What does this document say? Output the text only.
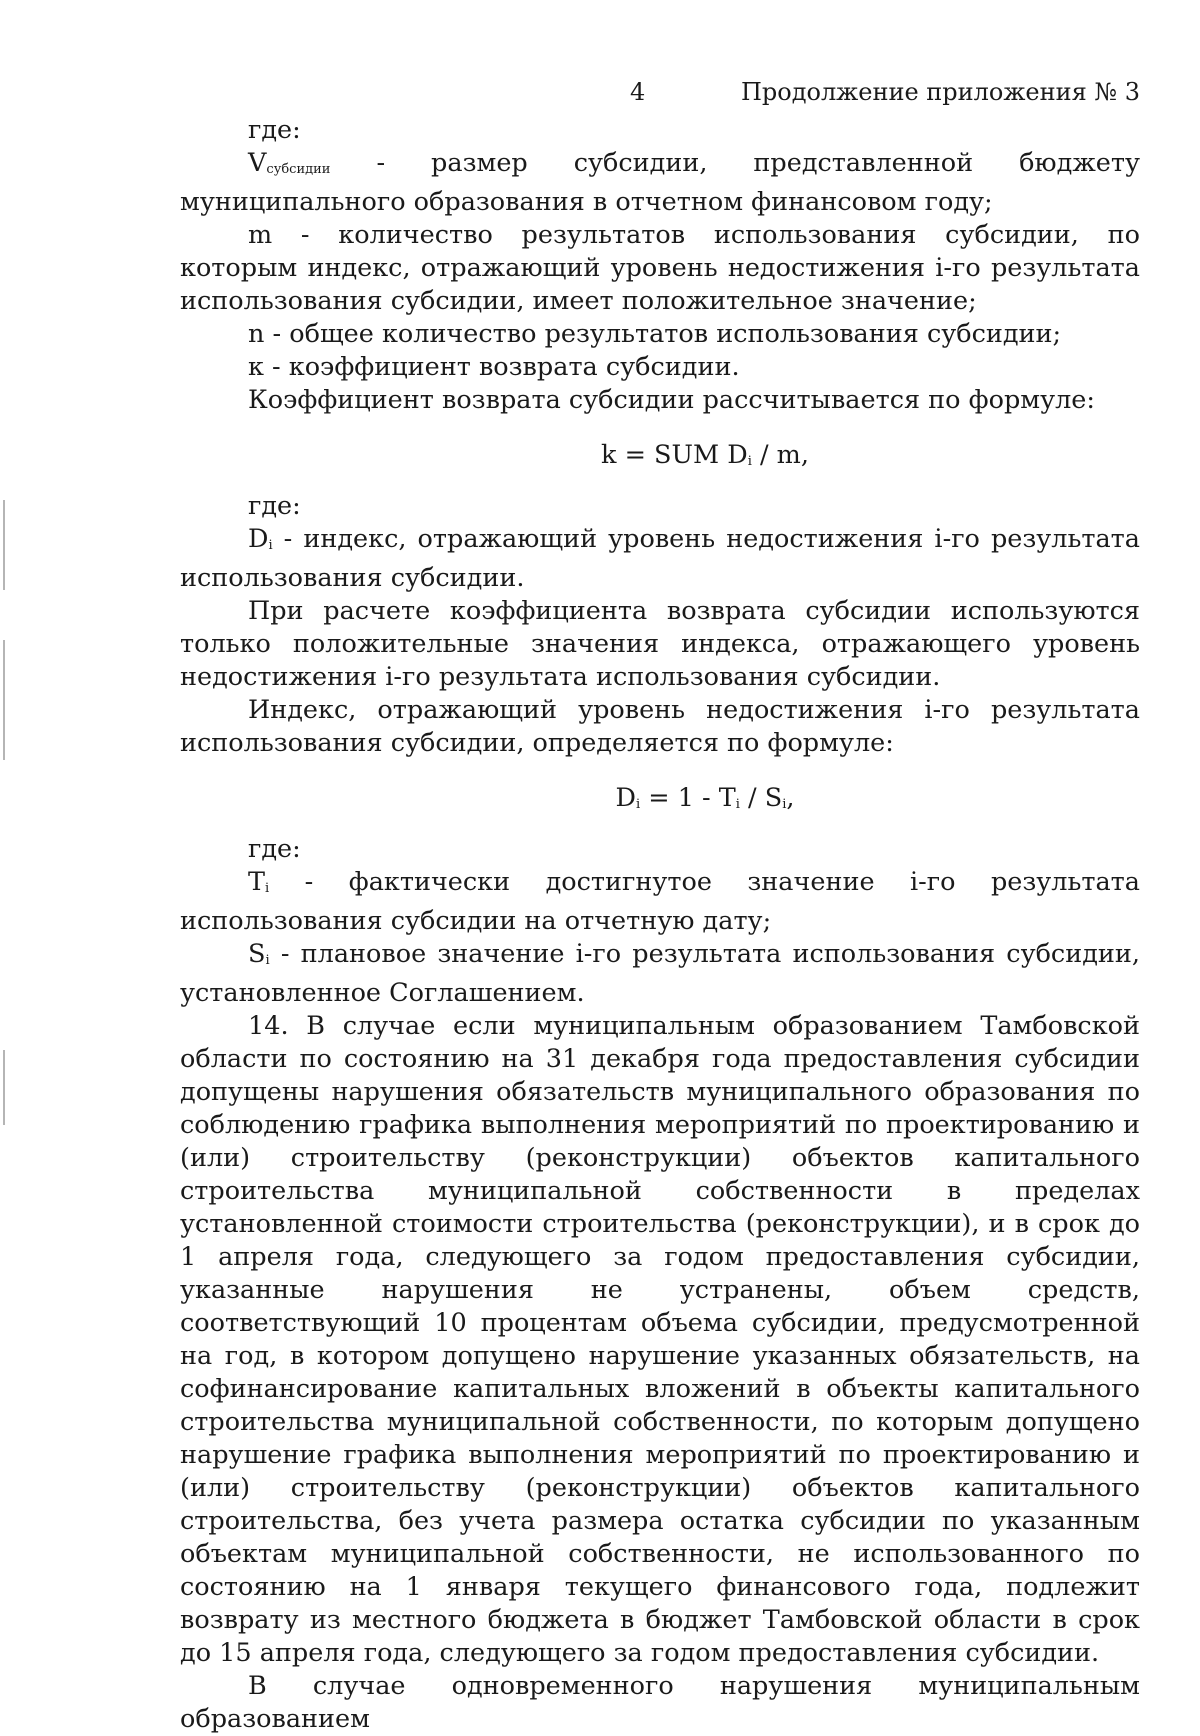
4	Продолжение приложения № 3

где:

Vсубсидии - размер субсидии, представленной бюджету муниципального образования в отчетном финансовом году;

m - количество результатов использования субсидии, по которым индекс, отражающий уровень недостижения i-го результата использования субсидии, имеет положительное значение;

n - общее количество результатов использования субсидии;

к - коэффициент возврата субсидии.

Коэффициент возврата субсидии рассчитывается по формуле:

k = SUM Di / m,

где:

Di - индекс, отражающий уровень недостижения i-го результата использования субсидии.

При расчете коэффициента возврата субсидии используются только положительные значения индекса, отражающего уровень недостижения i-го результата использования субсидии.

Индекс, отражающий уровень недостижения i-го результата использования субсидии, определяется по формуле:

Di = 1 - Ti / Si,

где:

Ti - фактически достигнутое значение i-го результата использования субсидии на отчетную дату;

Si - плановое значение i-го результата использования субсидии, установленное Соглашением.

14. В случае если муниципальным образованием Тамбовской области по состоянию на 31 декабря года предоставления субсидии допущены нарушения обязательств муниципального образования по соблюдению графика выполнения мероприятий по проектированию и (или) строительству (реконструкции) объектов капитального строительства муниципальной собственности в пределах установленной стоимости строительства (реконструкции), и в срок до 1 апреля года, следующего за годом предоставления субсидии, указанные нарушения не устранены, объем средств, соответствующий 10 процентам объема субсидии, предусмотренной на год, в котором допущено нарушение указанных обязательств, на софинансирование капитальных вложений в объекты капитального строительства муниципальной собственности, по которым допущено нарушение графика выполнения мероприятий по проектированию и (или) строительству (реконструкции) объектов капитального строительства, без учета размера остатка субсидии по указанным объектам муниципальной собственности, не использованного по состоянию на 1 января текущего финансового года, подлежит возврату из местного бюджета в бюджет Тамбовской области в срок до 15 апреля года, следующего за годом предоставления субсидии.

В случае одновременного нарушения муниципальным образованием
